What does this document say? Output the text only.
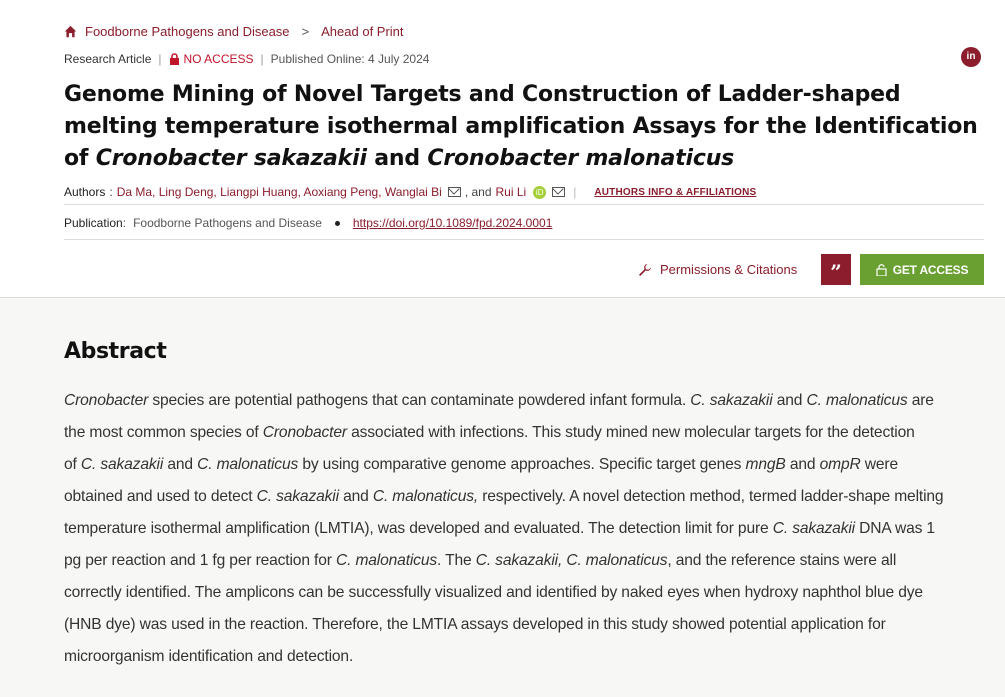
Foodborne Pathogens and Disease > Ahead of Print
Research Article | NO ACCESS | Published Online: 4 July 2024	in
Genome Mining of Novel Targets and Construction of Ladder-shaped melting temperature isothermal amplification Assays for the Identification of Cronobacter sakazakii and Cronobacter malonaticus
Authors : Da Ma, Ling Deng, Liangpi Huang, Aoxiang Peng, Wanglai Bi , and Rui Li	iD | AUTHORS INFO & AFFILIATIONS
Publication : Foodborne Pathogens and Disease	https://doi.org/10.1089/fpd.2024.0001
Permissions & Citations	”	GET ACCESS
Abstract

Cronobacter species are potential pathogens that can contaminate powdered infant formula. C. sakazakii and C. malonaticus are

the most common species of Cronobacter associated with infections. This study mined new molecular targets for the detection

of C. sakazakii and C. malonaticus by using comparative genome approaches. Specific target genes mngB and ompR were

obtained and used to detect C. sakazakii and C. malonaticus, respectively. A novel detection method, termed ladder-shape melting

temperature isothermal amplification (LMTIA), was developed and evaluated. The detection limit for pure C. sakazakii DNA was 1

pg per reaction and 1 fg per reaction for C. malonaticus. The C. sakazakii, C. malonaticus, and the reference stains were all

correctly identified. The amplicons can be successfully visualized and identified by naked eyes when hydroxy naphthol blue dye

(HNB dye) was used in the reaction. Therefore, the LMTIA assays developed in this study showed potential application for

microorganism identification and detection.
